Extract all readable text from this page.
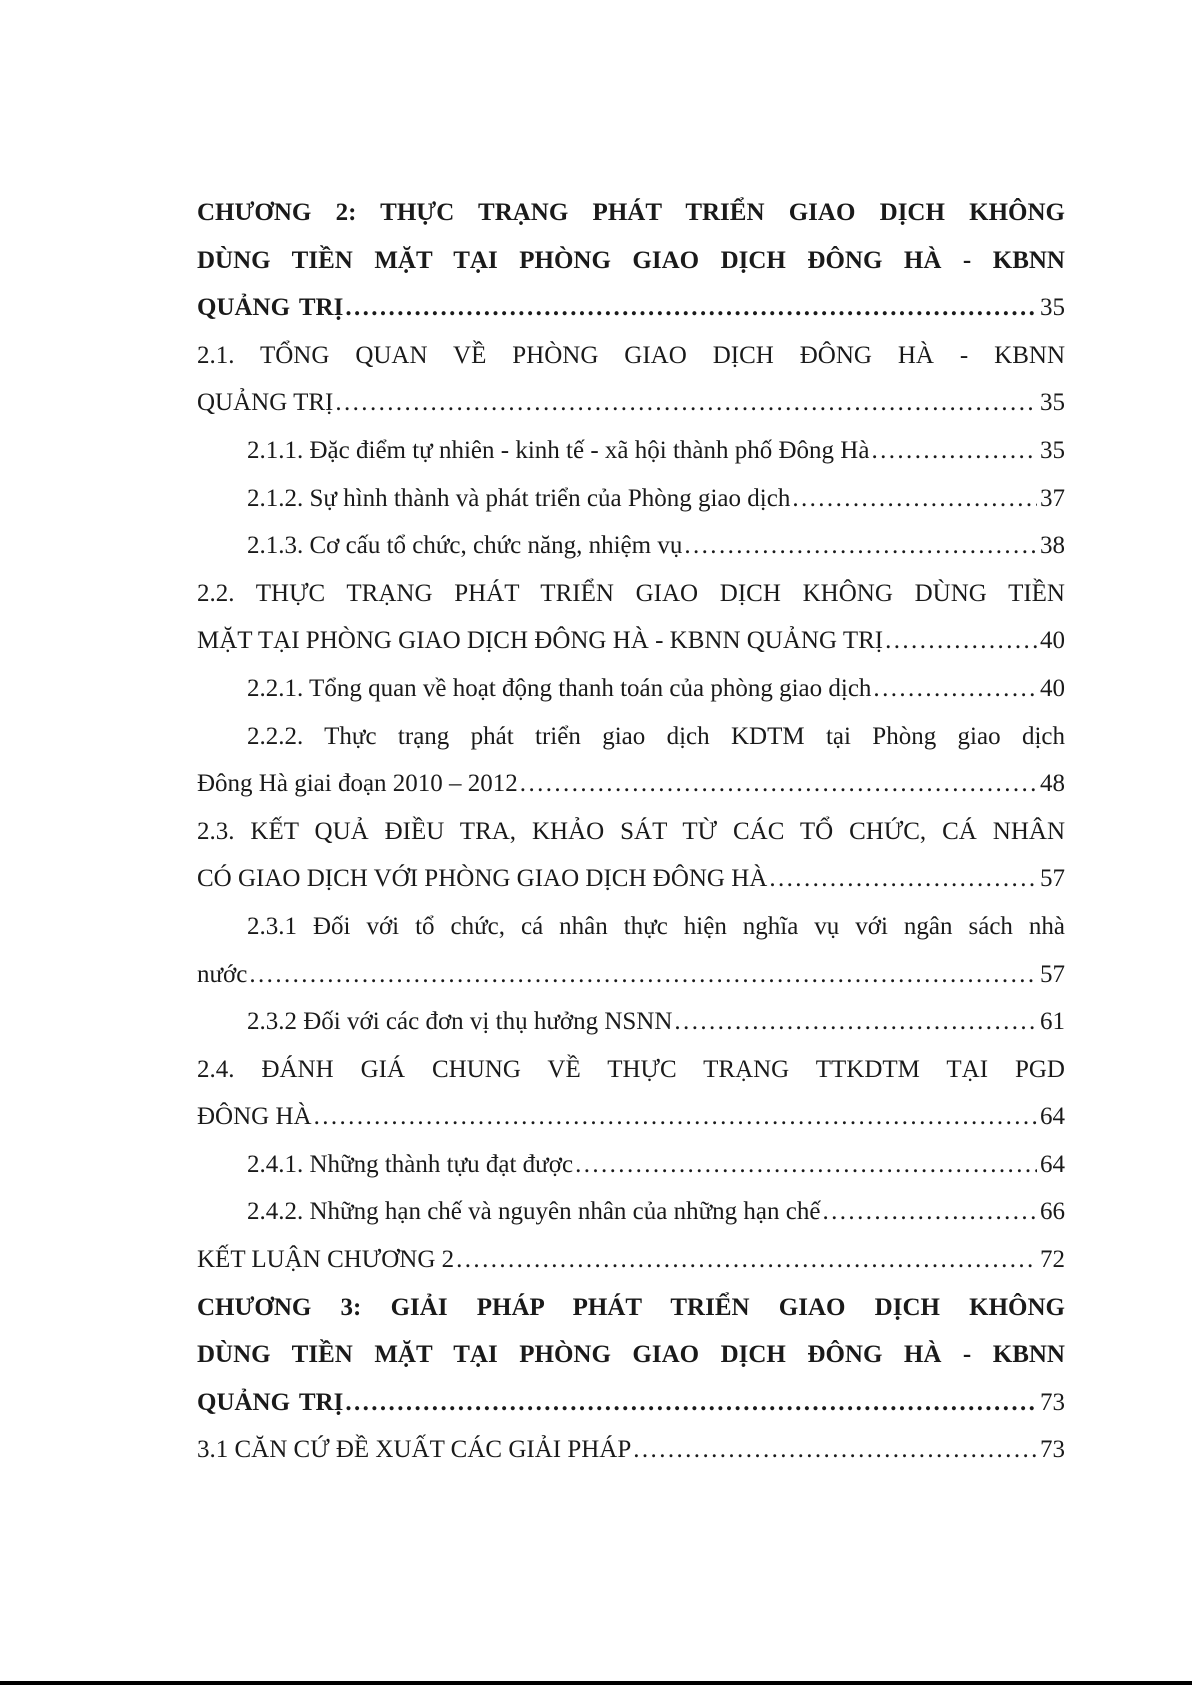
CHƯƠNG 2: THỰC TRẠNG PHÁT TRIỂN GIAO DỊCH KHÔNG
DÙNG TIỀN MẶT TẠI PHÒNG GIAO DỊCH ĐÔNG HÀ - KBNN
QUẢNG TRỊ .....	35
2.1. TỔNG QUAN VỀ PHÒNG GIAO DỊCH ĐÔNG HÀ - KBNN
QUẢNG TRỊ .....	35
2.1.1. Đặc điểm tự nhiên - kinh tế - xã hội thành phố Đông Hà .....	35
2.1.2. Sự hình thành và phát triển của Phòng giao dịch .....	37
2.1.3. Cơ cấu tổ chức, chức năng, nhiệm vụ .....	38
2.2. THỰC TRẠNG PHÁT TRIỂN GIAO DỊCH KHÔNG DÙNG TIỀN
MẶT TẠI PHÒNG GIAO DỊCH ĐÔNG HÀ - KBNN QUẢNG TRỊ .....	40
2.2.1. Tổng quan về hoạt động thanh toán của phòng giao dịch .....	40
2.2.2. Thực trạng phát triển giao dịch KDTM tại Phòng giao dịch
Đông Hà giai đoạn 2010 – 2012 .....	48
2.3. KẾT QUẢ ĐIỀU TRA, KHẢO SÁT TỪ CÁC TỔ CHỨC, CÁ NHÂN
CÓ GIAO DỊCH VỚI PHÒNG GIAO DỊCH ĐÔNG HÀ .....	57
2.3.1 Đối với tổ chức, cá nhân thực hiện nghĩa vụ với ngân sách nhà
nước .....	57
2.3.2 Đối với các đơn vị thụ hưởng NSNN .....	61
2.4. ĐÁNH GIÁ CHUNG VỀ THỰC TRẠNG TTKDTM TẠI PGD
ĐÔNG HÀ .....	64
2.4.1. Những thành tựu đạt được .....	64
2.4.2. Những hạn chế và nguyên nhân của những hạn chế .....	66
KẾT LUẬN CHƯƠNG 2 .....	72
CHƯƠNG 3: GIẢI PHÁP PHÁT TRIỂN GIAO DỊCH KHÔNG
DÙNG TIỀN MẶT TẠI PHÒNG GIAO DỊCH ĐÔNG HÀ - KBNN
QUẢNG TRỊ .....	73
3.1 CĂN CỨ ĐỀ XUẤT CÁC GIẢI PHÁP .....	73
